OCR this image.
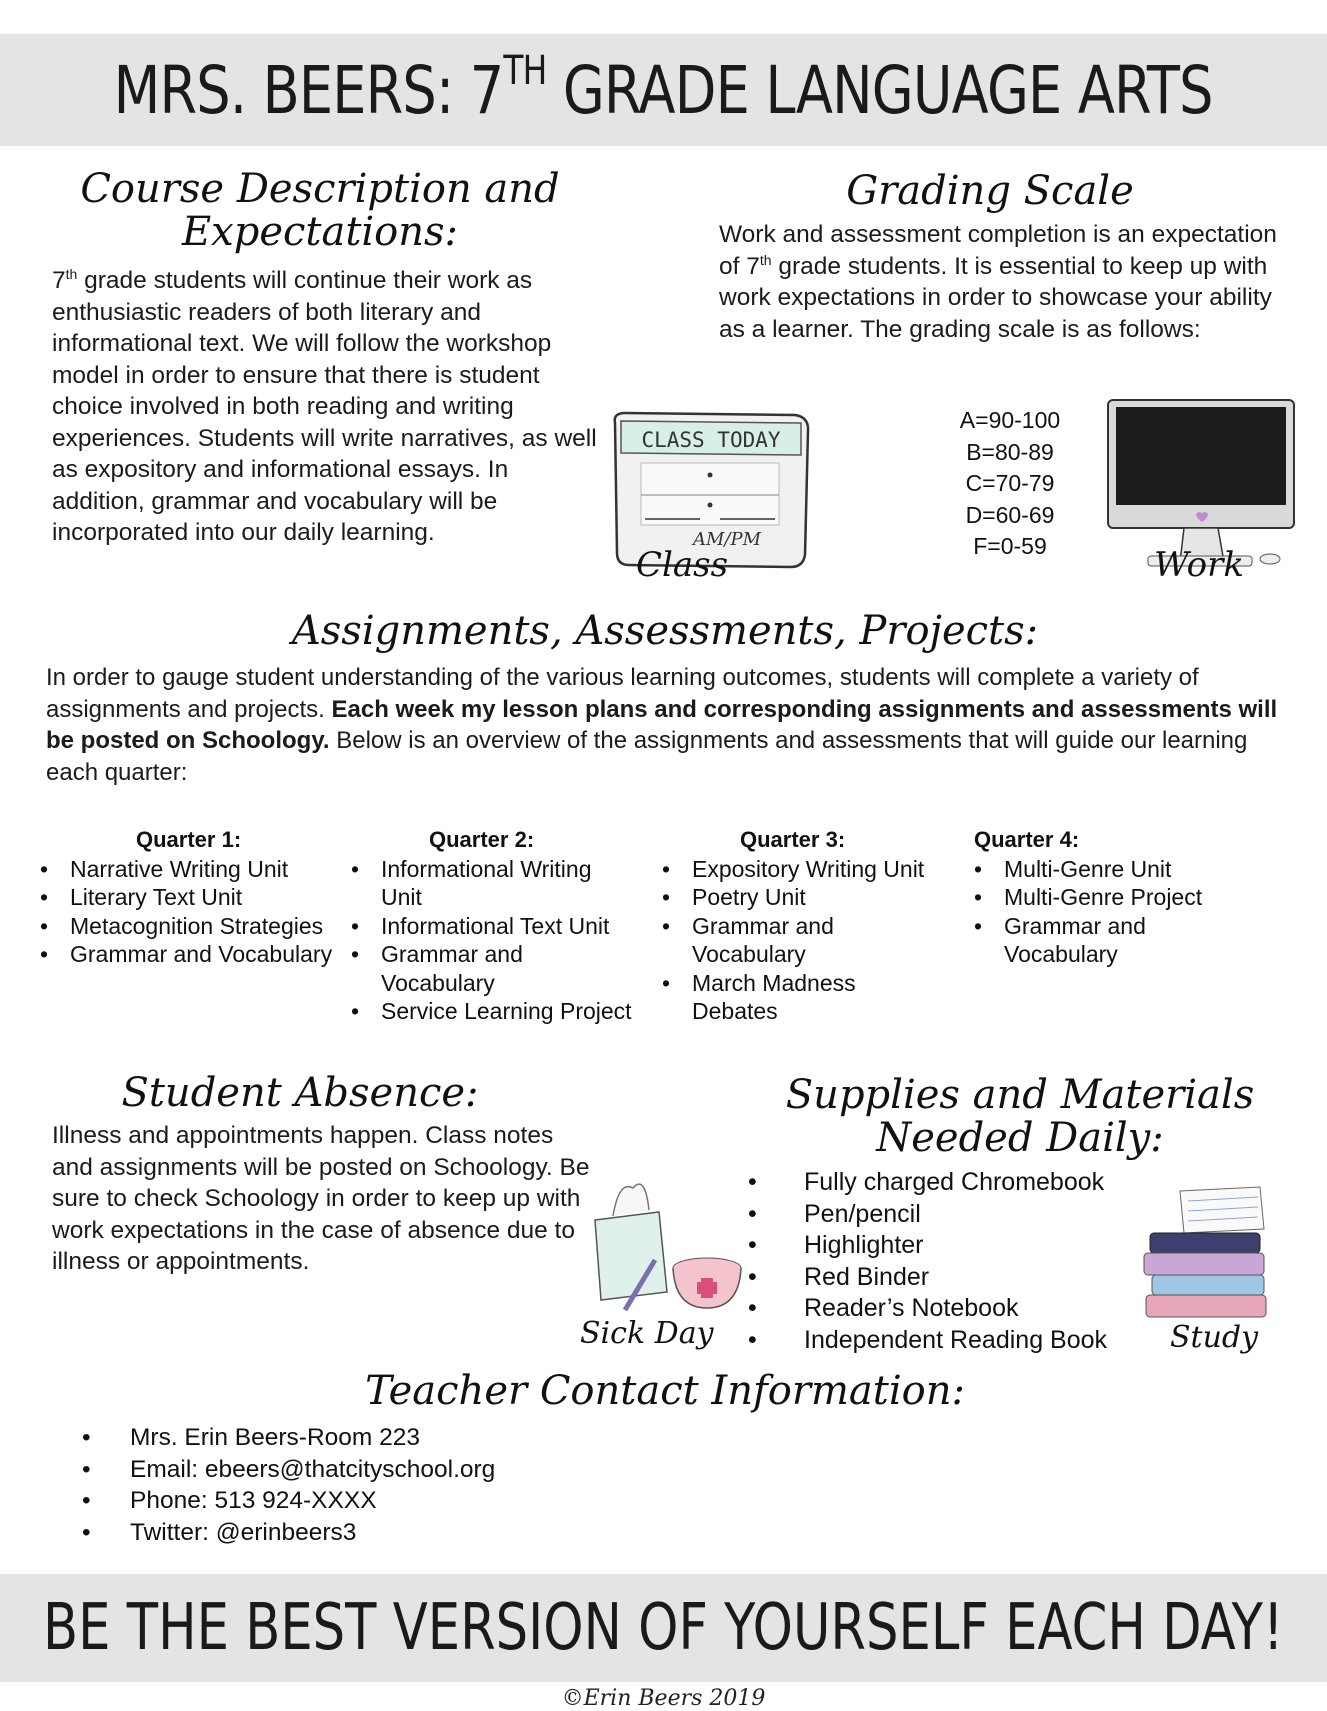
MRS. BEERS: 7TH GRADE LANGUAGE ARTS
Course Description and Expectations:
7th grade students will continue their work as enthusiastic readers of both literary and informational text. We will follow the workshop model in order to ensure that there is student choice involved in both reading and writing experiences. Students will write narratives, as well as expository and informational essays. In addition, grammar and vocabulary will be incorporated into our daily learning.
Grading Scale
Work and assessment completion is an expectation of 7th grade students. It is essential to keep up with work expectations in order to showcase your ability as a learner. The grading scale is as follows:
A=90-100
B=80-89
C=70-79
D=60-69
F=0-59
CLASS TODAY
AM/PM
Class	Work
Assignments, Assessments, Projects:
In order to gauge student understanding of the various learning outcomes, students will complete a variety of assignments and projects. Each week my lesson plans and corresponding assignments and assessments will be posted on Schoology. Below is an overview of the assignments and assessments that will guide our learning each quarter:
Quarter 1:
• Narrative Writing Unit
• Literary Text Unit
• Metacognition Strategies
• Grammar and Vocabulary
Quarter 2:
• Informational Writing Unit
• Informational Text Unit
• Grammar and Vocabulary
• Service Learning Project
Quarter 3:
• Expository Writing Unit
• Poetry Unit
• Grammar and Vocabulary
• March Madness Debates
Quarter 4:
• Multi-Genre Unit
• Multi-Genre Project
• Grammar and Vocabulary
Student Absence:
Illness and appointments happen. Class notes and assignments will be posted on Schoology. Be sure to check Schoology in order to keep up with work expectations in the case of absence due to illness or appointments.
Sick Day
Supplies and Materials Needed Daily:
• Fully charged Chromebook
• Pen/pencil
• Highlighter
• Red Binder
• Reader’s Notebook
• Independent Reading Book	Study
Teacher Contact Information:
• Mrs. Erin Beers-Room 223
• Email: ebeers@thatcityschool.org
• Phone: 513 924-XXXX
• Twitter: @erinbeers3
BE THE BEST VERSION OF YOURSELF EACH DAY!
©Erin Beers 2019
